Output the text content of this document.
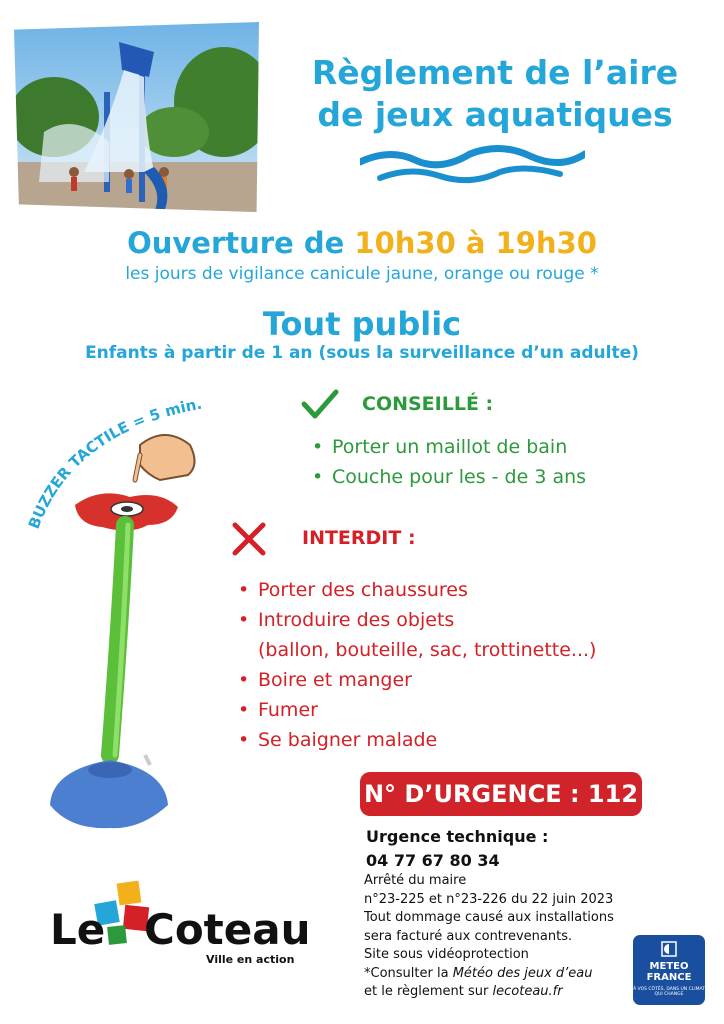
Règlement de l’aire
de jeux aquatiques
Ouverture de 10h30 à 19h30
les jours de vigilance canicule jaune, orange ou rouge *
Tout public
Enfants à partir de 1 an (sous la surveillance d’un adulte)
BUZZER TACTILE = 5 min.	CONSEILLÉ :
• Porter un maillot de bain
• Couche pour les - de 3 ans
INTERDIT :
• Porter des chaussures
• Introduire des objets
(ballon, bouteille, sac, trottinette...)
• Boire et manger
• Fumer
• Se baigner malade
N° D’URGENCE : 112
Urgence technique :
04 77 67 80 34
Arrêté du maire
n°23-225 et n°23-226 du 22 juin 2023
Tout dommage causé aux installations
sera facturé aux contrevenants.
Site sous vidéoprotection
*Consulter la Météo des jeux d’eau
et le règlement sur lecoteau.fr
Le Coteau
Ville en action
METEO FRANCE
À VOS CÔTÉS, DANS UN CLIMAT QUI CHANGE
